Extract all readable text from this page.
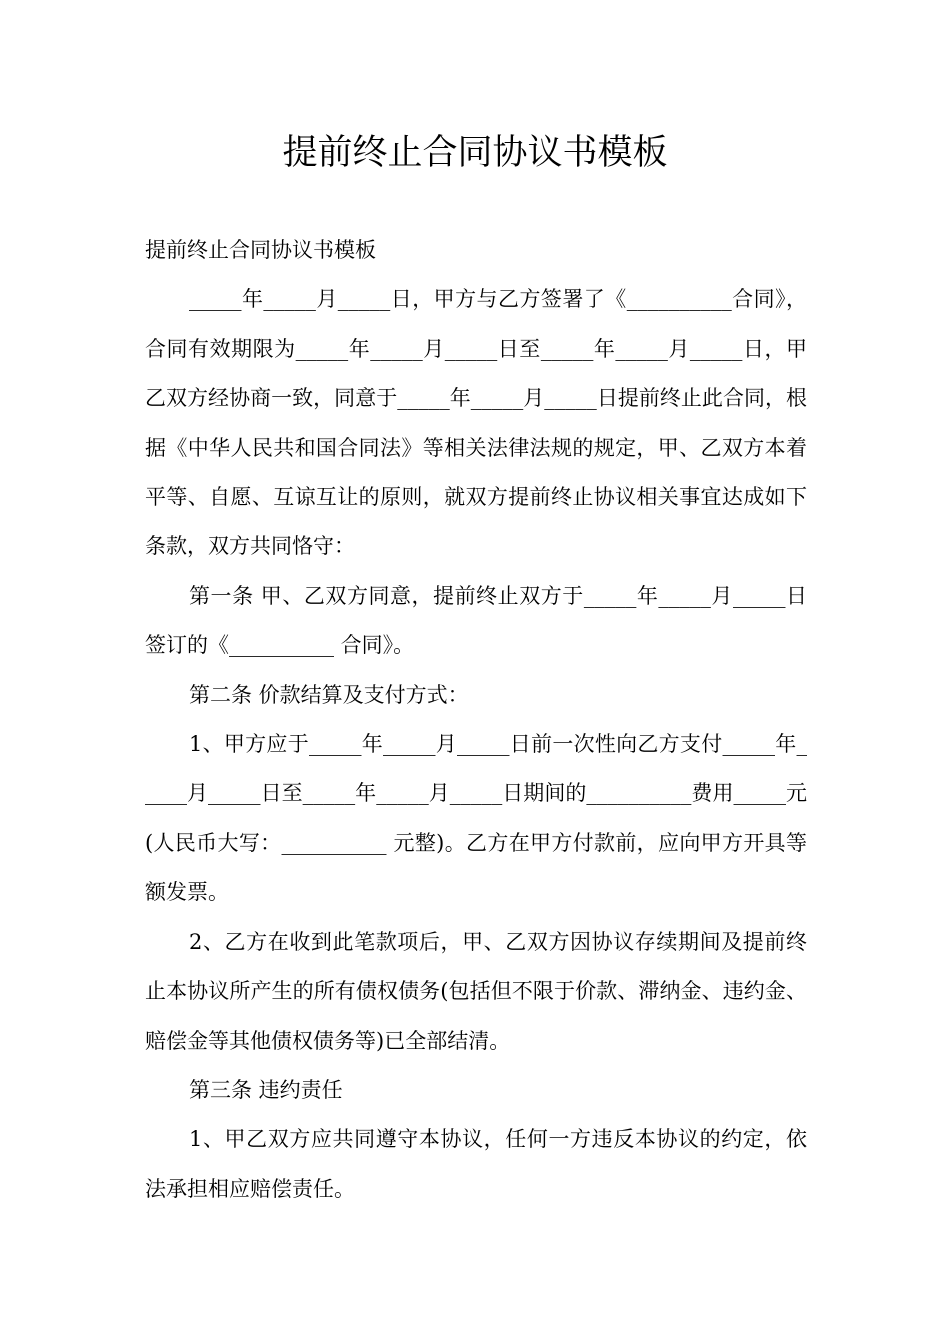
提前终止合同协议书模板

提前终止合同协议书模板

_____年_____月_____日，甲方与乙方签署了《__________合同》，合同有效期限为_____年_____月_____日至_____年_____月_____日，甲乙双方经协商一致，同意于_____年_____月_____日提前终止此合同，根据《中华人民共和国合同法》等相关法律法规的规定，甲、乙双方本着平等、自愿、互谅互让的原则，就双方提前终止协议相关事宜达成如下条款，双方共同恪守：

第一条 甲、乙双方同意，提前终止双方于_____年_____月_____日签订的《__________ 合同》。

第二条 价款结算及支付方式：

1、甲方应于_____年_____月_____日前一次性向乙方支付_____年_____月_____日至_____年_____月_____日期间的__________费用_____元(人民币大写：__________ 元整)。乙方在甲方付款前，应向甲方开具等额发票。

2、乙方在收到此笔款项后，甲、乙双方因协议存续期间及提前终止本协议所产生的所有债权债务(包括但不限于价款、滞纳金、违约金、赔偿金等其他债权债务等)已全部结清。

第三条 违约责任

1、甲乙双方应共同遵守本协议，任何一方违反本协议的约定，依法承担相应赔偿责任。
